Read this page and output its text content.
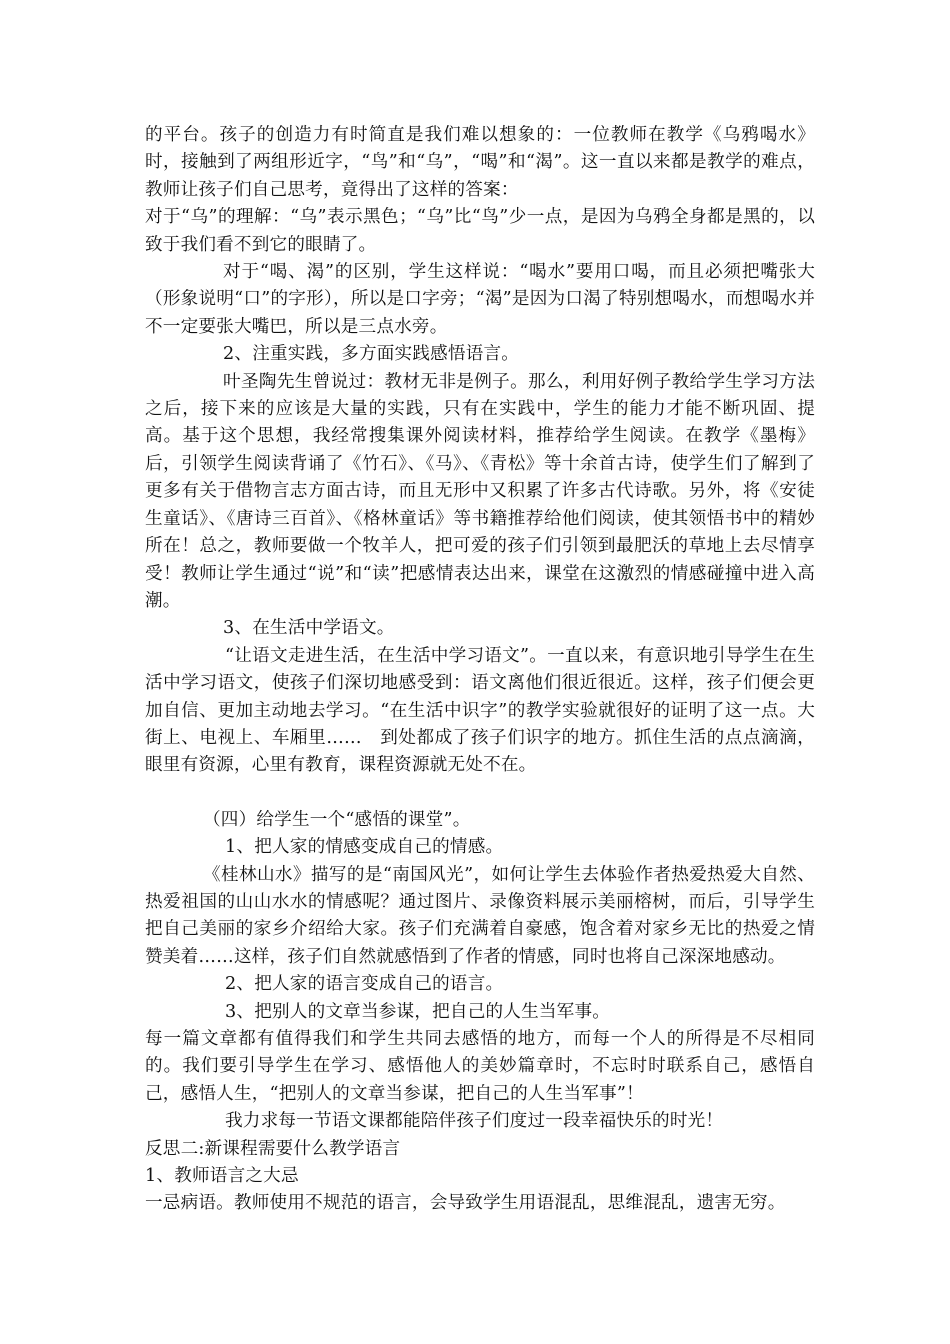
的平台。孩子的创造力有时简直是我们难以想象的：一位教师在教学《乌鸦喝水》时，接触到了两组形近字，“鸟”和“乌”，“喝”和“渴”。这一直以来都是教学的难点，教师让孩子们自己思考，竟得出了这样的答案：

对于“乌”的理解：“乌”表示黑色；“乌”比“鸟”少一点，是因为乌鸦全身都是黑的，以致于我们看不到它的眼睛了。

对于“喝、渴”的区别，学生这样说：“喝水”要用口喝，而且必须把嘴张大（形象说明“口”的字形），所以是口字旁；“渴”是因为口渴了特别想喝水，而想喝水并不一定要张大嘴巴，所以是三点水旁。

2、注重实践，多方面实践感悟语言。

叶圣陶先生曾说过：教材无非是例子。那么，利用好例子教给学生学习方法之后，接下来的应该是大量的实践，只有在实践中，学生的能力才能不断巩固、提高。基于这个思想，我经常搜集课外阅读材料，推荐给学生阅读。在教学《墨梅》后，引领学生阅读背诵了《竹石》、《马》、《青松》等十余首古诗，使学生们了解到了更多有关于借物言志方面古诗，而且无形中又积累了许多古代诗歌。另外，将《安徒生童话》、《唐诗三百首》、《格林童话》等书籍推荐给他们阅读，使其领悟书中的精妙所在！总之，教师要做一个牧羊人，把可爱的孩子们引领到最肥沃的草地上去尽情享受！教师让学生通过“说”和“读”把感情表达出来，课堂在这激烈的情感碰撞中进入高潮。

3、在生活中学语文。

“让语文走进生活，在生活中学习语文”。一直以来，有意识地引导学生在生活中学习语文，使孩子们深切地感受到：语文离他们很近很近。这样，孩子们便会更加自信、更加主动地去学习。“在生活中识字”的教学实验就很好的证明了这一点。大街上、电视上、车厢里……　到处都成了孩子们识字的地方。抓住生活的点点滴滴，眼里有资源，心里有教育，课程资源就无处不在。

（四）给学生一个“感悟的课堂”。

1、把人家的情感变成自己的情感。

《桂林山水》描写的是“南国风光”，如何让学生去体验作者热爱热爱大自然、热爱祖国的山山水水的情感呢？通过图片、录像资料展示美丽榕树，而后，引导学生把自己美丽的家乡介绍给大家。孩子们充满着自豪感，饱含着对家乡无比的热爱之情赞美着……这样，孩子们自然就感悟到了作者的情感，同时也将自己深深地感动。

2、把人家的语言变成自己的语言。

3、把别人的文章当参谋，把自己的人生当军事。

每一篇文章都有值得我们和学生共同去感悟的地方，而每一个人的所得是不尽相同的。我们要引导学生在学习、感悟他人的美妙篇章时，不忘时时联系自己，感悟自己，感悟人生，“把别人的文章当参谋，把自己的人生当军事”！

我力求每一节语文课都能陪伴孩子们度过一段幸福快乐的时光！

反思二:新课程需要什么教学语言

1、教师语言之大忌

一忌病语。教师使用不规范的语言，会导致学生用语混乱，思维混乱，遗害无穷。
